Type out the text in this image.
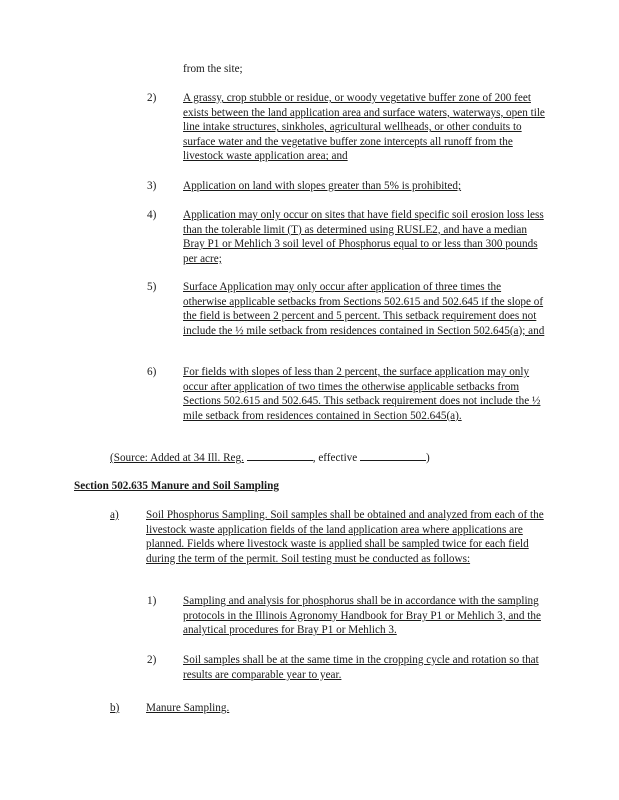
from the site;

2) A grassy, crop stubble or residue, or woody vegetative buffer zone of 200 feet exists between the land application area and surface waters, waterways, open tile line intake structures, sinkholes, agricultural wellheads, or other conduits to surface water and the vegetative buffer zone intercepts all runoff from the livestock waste application area; and

3) Application on land with slopes greater than 5% is prohibited;

4) Application may only occur on sites that have field specific soil erosion loss less than the tolerable limit (T) as determined using RUSLE2, and have a median Bray P1 or Mehlich 3 soil level of Phosphorus equal to or less than 300 pounds per acre;

5) Surface Application may only occur after application of three times the otherwise applicable setbacks from Sections 502.615 and 502.645 if the slope of the field is between 2 percent and 5 percent. This setback requirement does not include the ½ mile setback from residences contained in Section 502.645(a); and

6) For fields with slopes of less than 2 percent, the surface application may only occur after application of two times the otherwise applicable setbacks from Sections 502.615 and 502.645. This setback requirement does not include the ½ mile setback from residences contained in Section 502.645(a).

(Source: Added at 34 Ill. Reg.	, effective	)

Section 502.635 Manure and Soil Sampling

a) Soil Phosphorus Sampling. Soil samples shall be obtained and analyzed from each of the livestock waste application fields of the land application area where applications are planned. Fields where livestock waste is applied shall be sampled twice for each field during the term of the permit. Soil testing must be conducted as follows:

1) Sampling and analysis for phosphorus shall be in accordance with the sampling protocols in the Illinois Agronomy Handbook for Bray P1 or Mehlich 3, and the analytical procedures for Bray P1 or Mehlich 3.

2) Soil samples shall be at the same time in the cropping cycle and rotation so that results are comparable year to year.

b) Manure Sampling.
